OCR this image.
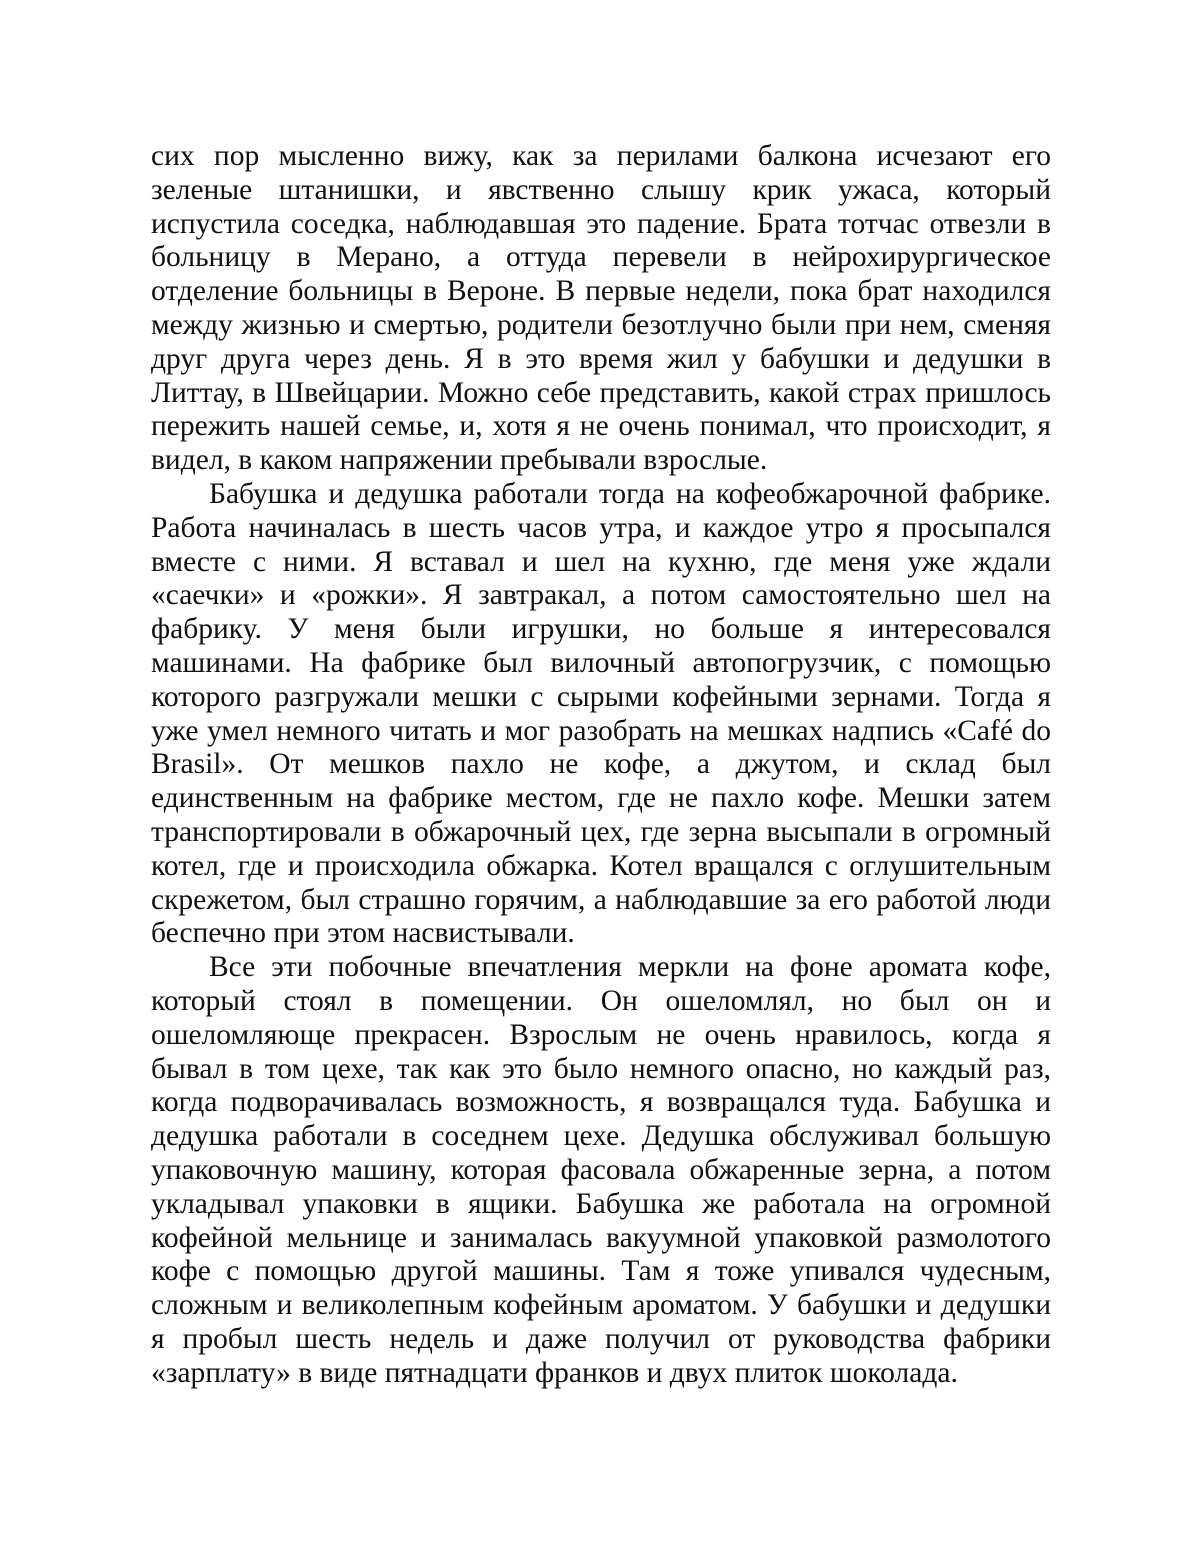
сих пор мысленно вижу, как за перилами балкона исчезают его зеленые штанишки, и явственно слышу крик ужаса, который испустила соседка, наблюдавшая это падение. Брата тотчас отвезли в больницу в Мерано, а оттуда перевели в нейрохирургическое отделение больницы в Вероне. В первые недели, пока брат находился между жизнью и смертью, родители безотлучно были при нем, сменяя друг друга через день. Я в это время жил у бабушки и дедушки в Литтау, в Швейцарии. Можно себе представить, какой страх пришлось пережить нашей семье, и, хотя я не очень понимал, что происходит, я видел, в каком напряжении пребывали взрослые.

Бабушка и дедушка работали тогда на кофеобжарочной фабрике. Работа начиналась в шесть часов утра, и каждое утро я просыпался вместе с ними. Я вставал и шел на кухню, где меня уже ждали «саечки» и «рожки». Я завтракал, а потом самостоятельно шел на фабрику. У меня были игрушки, но больше я интересовался машинами. На фабрике был вилочный автопогрузчик, с помощью которого разгружали мешки с сырыми кофейными зернами. Тогда я уже умел немного читать и мог разобрать на мешках надпись «Café do Brasil». От мешков пахло не кофе, а джутом, и склад был единственным на фабрике местом, где не пахло кофе. Мешки затем транспортировали в обжарочный цех, где зерна высыпали в огромный котел, где и происходила обжарка. Котел вращался с оглушительным скрежетом, был страшно горячим, а наблюдавшие за его работой люди беспечно при этом насвистывали.

Все эти побочные впечатления меркли на фоне аромата кофе, который стоял в помещении. Он ошеломлял, но был он и ошеломляюще прекрасен. Взрослым не очень нравилось, когда я бывал в том цехе, так как это было немного опасно, но каждый раз, когда подворачивалась возможность, я возвращался туда. Бабушка и дедушка работали в соседнем цехе. Дедушка обслуживал большую упаковочную машину, которая фасовала обжаренные зерна, а потом укладывал упаковки в ящики. Бабушка же работала на огромной кофейной мельнице и занималась вакуумной упаковкой размолотого кофе с помощью другой машины. Там я тоже упивался чудесным, сложным и великолепным кофейным ароматом. У бабушки и дедушки я пробыл шесть недель и даже получил от руководства фабрики «зарплату» в виде пятнадцати франков и двух плиток шоколада.
